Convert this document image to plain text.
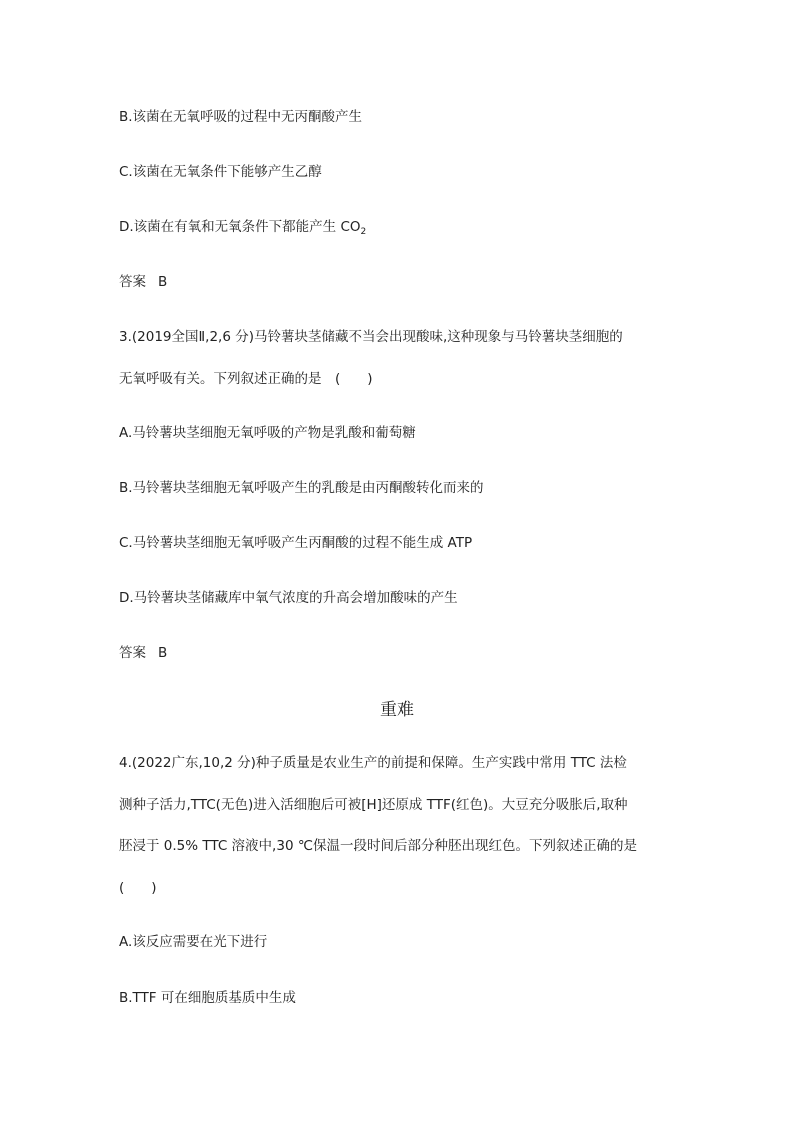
B.该菌在无氧呼吸的过程中无丙酮酸产生
C.该菌在无氧条件下能够产生乙醇
D.该菌在有氧和无氧条件下都能产生 $CO_2$
答案 B
3.(2019全国Ⅱ,2,6 分)马铃薯块茎储藏不当会出现酸味,这种现象与马铃薯块茎细胞的
无氧呼吸有关。下列叙述正确的是　(　　)
A.马铃薯块茎细胞无氧呼吸的产物是乳酸和葡萄糖
B.马铃薯块茎细胞无氧呼吸产生的乳酸是由丙酮酸转化而来的
C.马铃薯块茎细胞无氧呼吸产生丙酮酸的过程不能生成 ATP
D.马铃薯块茎储藏库中氧气浓度的升高会增加酸味的产生
答案 B
重难
4.(2022广东,10,2 分)种子质量是农业生产的前提和保障。生产实践中常用 TTC 法检
测种子活力,TTC(无色)进入活细胞后可被[H]还原成 TTF(红色)。大豆充分吸胀后,取种
胚浸于 0.5% TTC 溶液中,30 ℃保温一段时间后部分种胚出现红色。下列叙述正确的是
(　　)
A.该反应需要在光下进行
B.TTF 可在细胞质基质中生成
